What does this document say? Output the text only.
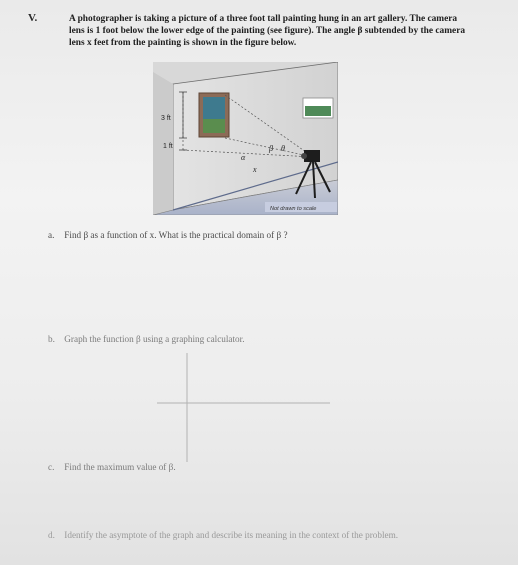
V.	A photographer is taking a picture of a three foot tall painting hung in an art gallery. The camera lens is 1 foot below the lower edge of the painting (see figure). The angle β subtended by the camera lens x feet from the painting is shown in the figure below.
3 ft
1 ft
α
β θ
x
Not drawn to scale
a. Find β as a function of x. What is the practical domain of β ?
b. Graph the function β using a graphing calculator.
c. Find the maximum value of β.
d. Identify the asymptote of the graph and describe its meaning in the context of the problem.
